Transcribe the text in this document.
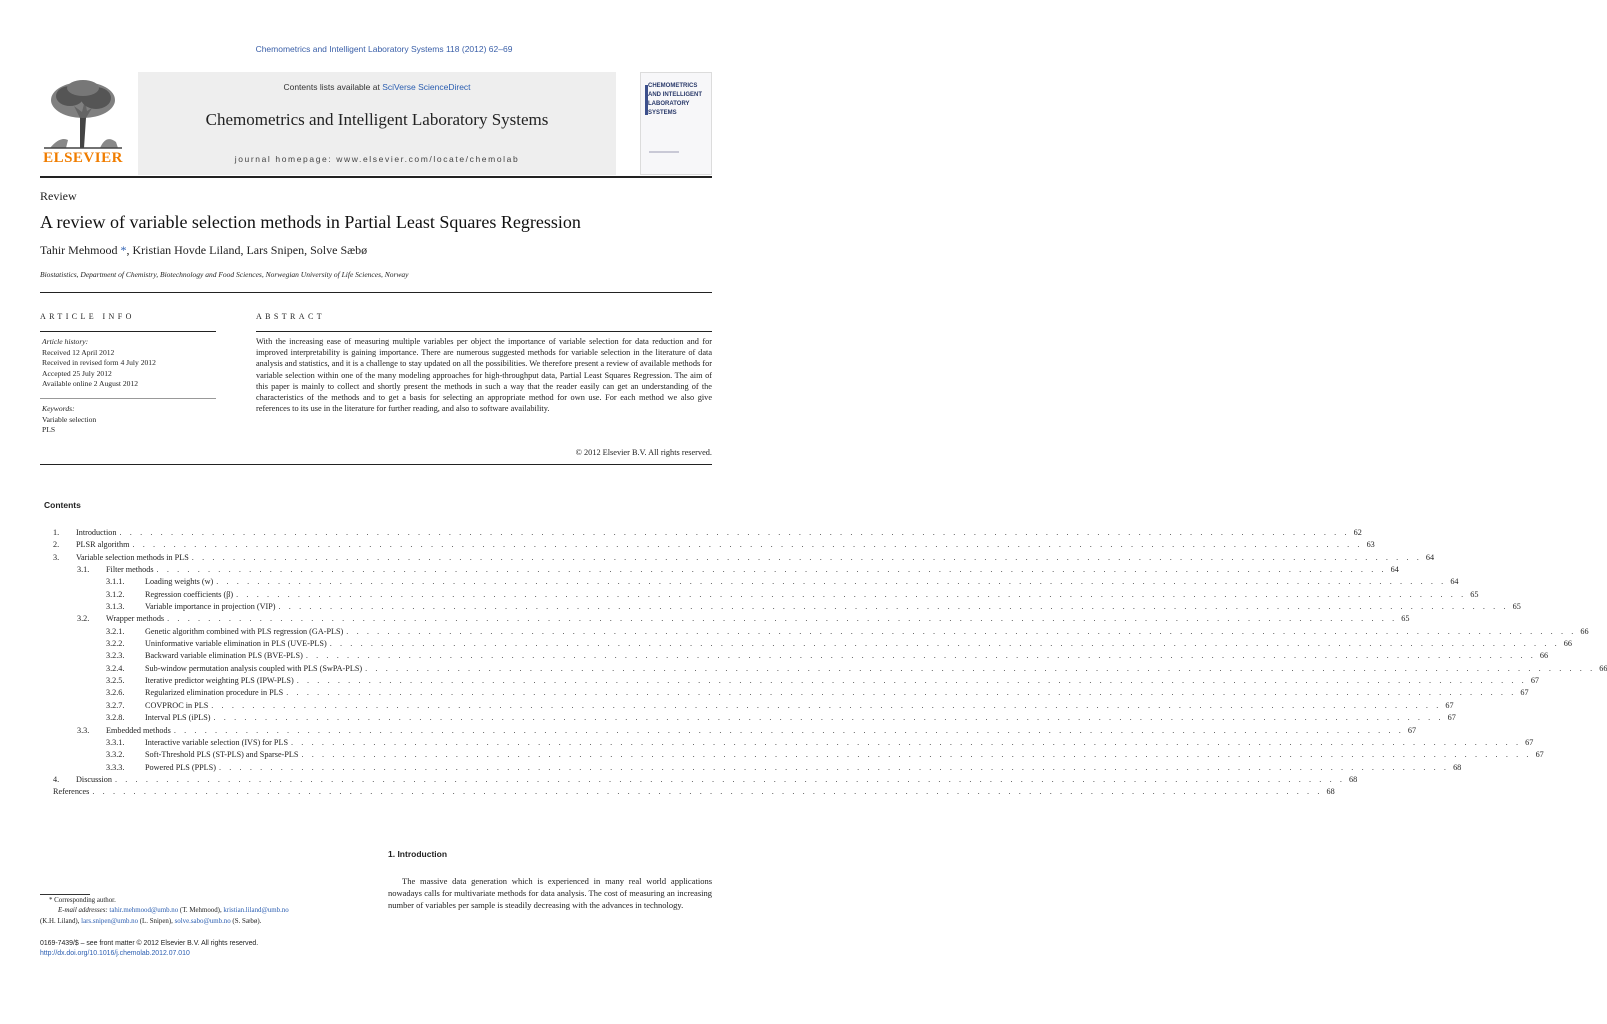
Chemometrics and Intelligent Laboratory Systems 118 (2012) 62–69
ELSEVIER
Contents lists available at SciVerse ScienceDirect
Chemometrics and Intelligent Laboratory Systems
journal homepage: www.elsevier.com/locate/chemolab
CHEMOMETRICS
AND INTELLIGENT
LABORATORY
SYSTEMS
Review
A review of variable selection methods in Partial Least Squares Regression
Tahir Mehmood *, Kristian Hovde Liland, Lars Snipen, Solve Sæbø
Biostatistics, Department of Chemistry, Biotechnology and Food Sciences, Norwegian University of Life Sciences, Norway
ARTICLE INFO	ABSTRACT
Article history:
Received 12 April 2012
Received in revised form 4 July 2012
Accepted 25 July 2012
Available online 2 August 2012
Keywords:
Variable selection
PLS
With the increasing ease of measuring multiple variables per object the importance of variable selection for data reduction and for improved interpretability is gaining importance. There are numerous suggested methods for variable selection in the literature of data analysis and statistics, and it is a challenge to stay updated on all the possibilities. We therefore present a review of available methods for variable selection within one of the many modeling approaches for high-throughput data, Partial Least Squares Regression. The aim of this paper is mainly to collect and shortly present the methods in such a way that the reader easily can get an understanding of the characteristics of the methods and to get a basis for selecting an appropriate method for own use. For each method we also give references to its use in the literature for further reading, and also to software availability.
© 2012 Elsevier B.V. All rights reserved.
Contents
1. Introduction . . . . . . . . . . . . . . . . . . . . . . . . . . . . . . . . . . . . . . . . . . . . . . . . . . . . . . . . . . . . . . . . . . . . . . . . . . . . . . . . . . . . . . . . . . . . . . . . . . . . . . . . . . . . . . . . . . . . . . . . 62
2. PLSR algorithm . . . . . . . . . . . . . . . . . . . . . . . . . . . . . . . . . . . . . . . . . . . . . . . . . . . . . . . . . . . . . . . . . . . . . . . . . . . . . . . . . . . . . . . . . . . . . . . . . . . . . . . . . . . . . . . . . . . . . . . . 63
3. Variable selection methods in PLS . . . . . . . . . . . . . . . . . . . . . . . . . . . . . . . . . . . . . . . . . . . . . . . . . . . . . . . . . . . . . . . . . . . . . . . . . . . . . . . . . . . . . . . . . . . . . . . . . . . . . . . . . . . . . . . . . . . . . . . . 64
3.1. Filter methods . . . . . . . . . . . . . . . . . . . . . . . . . . . . . . . . . . . . . . . . . . . . . . . . . . . . . . . . . . . . . . . . . . . . . . . . . . . . . . . . . . . . . . . . . . . . . . . . . . . . . . . . . . . . . . . . . . . . . . . . 64
3.1.1.	Loading weights (w) . . . . . . . . . . . . . . . . . . . . . . . . . . . . . . . . . . . . . . . . . . . . . . . . . . . . . . . . . . . . . . . . . . . . . . . . . . . . . . . . . . . . . . . . . . . . . . . . . . . . . . . . . . . . . . . . . . . . . . . . 64
3.1.2.	Regression coefficients (β) . . . . . . . . . . . . . . . . . . . . . . . . . . . . . . . . . . . . . . . . . . . . . . . . . . . . . . . . . . . . . . . . . . . . . . . . . . . . . . . . . . . . . . . . . . . . . . . . . . . . . . . . . . . . . . . . . . . . . . . . 65
3.1.3.	Variable importance in projection (VIP) . . . . . . . . . . . . . . . . . . . . . . . . . . . . . . . . . . . . . . . . . . . . . . . . . . . . . . . . . . . . . . . . . . . . . . . . . . . . . . . . . . . . . . . . . . . . . . . . . . . . . . . . . . . . . . . . . . . . . . . . 65
3.2. Wrapper methods . . . . . . . . . . . . . . . . . . . . . . . . . . . . . . . . . . . . . . . . . . . . . . . . . . . . . . . . . . . . . . . . . . . . . . . . . . . . . . . . . . . . . . . . . . . . . . . . . . . . . . . . . . . . . . . . . . . . . . . . 65
3.2.1.	Genetic algorithm combined with PLS regression (GA-PLS) . . . . . . . . . . . . . . . . . . . . . . . . . . . . . . . . . . . . . . . . . . . . . . . . . . . . . . . . . . . . . . . . . . . . . . . . . . . . . . . . . . . . . . . . . . . . . . . . . . . . . . . . . . . . . . . . . . . . . . . . 66
3.2.2.	Uninformative variable elimination in PLS (UVE-PLS) . . . . . . . . . . . . . . . . . . . . . . . . . . . . . . . . . . . . . . . . . . . . . . . . . . . . . . . . . . . . . . . . . . . . . . . . . . . . . . . . . . . . . . . . . . . . . . . . . . . . . . . . . . . . . . . . . . . . . . . . 66
3.2.3.	Backward variable elimination PLS (BVE-PLS) . . . . . . . . . . . . . . . . . . . . . . . . . . . . . . . . . . . . . . . . . . . . . . . . . . . . . . . . . . . . . . . . . . . . . . . . . . . . . . . . . . . . . . . . . . . . . . . . . . . . . . . . . . . . . . . . . . . . . . . . 66
3.2.4.	Sub-window permutation analysis coupled with PLS (SwPA-PLS) . . . . . . . . . . . . . . . . . . . . . . . . . . . . . . . . . . . . . . . . . . . . . . . . . . . . . . . . . . . . . . . . . . . . . . . . . . . . . . . . . . . . . . . . . . . . . . . . . . . . . . . . . . . . . . . . . . . . . . . . 66
3.2.5.	Iterative predictor weighting PLS (IPW-PLS) . . . . . . . . . . . . . . . . . . . . . . . . . . . . . . . . . . . . . . . . . . . . . . . . . . . . . . . . . . . . . . . . . . . . . . . . . . . . . . . . . . . . . . . . . . . . . . . . . . . . . . . . . . . . . . . . . . . . . . . . 67
3.2.6.	Regularized elimination procedure in PLS . . . . . . . . . . . . . . . . . . . . . . . . . . . . . . . . . . . . . . . . . . . . . . . . . . . . . . . . . . . . . . . . . . . . . . . . . . . . . . . . . . . . . . . . . . . . . . . . . . . . . . . . . . . . . . . . . . . . . . . . 67
3.2.7.	COVPROC in PLS . . . . . . . . . . . . . . . . . . . . . . . . . . . . . . . . . . . . . . . . . . . . . . . . . . . . . . . . . . . . . . . . . . . . . . . . . . . . . . . . . . . . . . . . . . . . . . . . . . . . . . . . . . . . . . . . . . . . . . . . 67
3.2.8.	Interval PLS (iPLS) . . . . . . . . . . . . . . . . . . . . . . . . . . . . . . . . . . . . . . . . . . . . . . . . . . . . . . . . . . . . . . . . . . . . . . . . . . . . . . . . . . . . . . . . . . . . . . . . . . . . . . . . . . . . . . . . . . . . . . . . 67
3.3. Embedded methods . . . . . . . . . . . . . . . . . . . . . . . . . . . . . . . . . . . . . . . . . . . . . . . . . . . . . . . . . . . . . . . . . . . . . . . . . . . . . . . . . . . . . . . . . . . . . . . . . . . . . . . . . . . . . . . . . . . . . . . . 67
3.3.1.	Interactive variable selection (IVS) for PLS . . . . . . . . . . . . . . . . . . . . . . . . . . . . . . . . . . . . . . . . . . . . . . . . . . . . . . . . . . . . . . . . . . . . . . . . . . . . . . . . . . . . . . . . . . . . . . . . . . . . . . . . . . . . . . . . . . . . . . . . 67
3.3.2.	Soft-Threshold PLS (ST-PLS) and Sparse-PLS . . . . . . . . . . . . . . . . . . . . . . . . . . . . . . . . . . . . . . . . . . . . . . . . . . . . . . . . . . . . . . . . . . . . . . . . . . . . . . . . . . . . . . . . . . . . . . . . . . . . . . . . . . . . . . . . . . . . . . . . 67
3.3.3.	Powered PLS (PPLS) . . . . . . . . . . . . . . . . . . . . . . . . . . . . . . . . . . . . . . . . . . . . . . . . . . . . . . . . . . . . . . . . . . . . . . . . . . . . . . . . . . . . . . . . . . . . . . . . . . . . . . . . . . . . . . . . . . . . . . . . 68
4. Discussion . . . . . . . . . . . . . . . . . . . . . . . . . . . . . . . . . . . . . . . . . . . . . . . . . . . . . . . . . . . . . . . . . . . . . . . . . . . . . . . . . . . . . . . . . . . . . . . . . . . . . . . . . . . . . . . . . . . . . . . . 68
References . . . . . . . . . . . . . . . . . . . . . . . . . . . . . . . . . . . . . . . . . . . . . . . . . . . . . . . . . . . . . . . . . . . . . . . . . . . . . . . . . . . . . . . . . . . . . . . . . . . . . . . . . . . . . . . . . . . . . . . . 68
1. Introduction
The massive data generation which is experienced in many real world applications nowadays calls for multivariate methods for data analysis. The cost of measuring an increasing number of variables per sample is steadily decreasing with the advances in technology.
* Corresponding author.
E-mail addresses: tahir.mehmood@umb.no (T. Mehmood), kristian.liland@umb.no
(K.H. Liland), lars.snipen@umb.no (L. Snipen), solve.sabo@umb.no (S. Sæbø).
0169-7439/$ – see front matter © 2012 Elsevier B.V. All rights reserved.
http://dx.doi.org/10.1016/j.chemolab.2012.07.010
